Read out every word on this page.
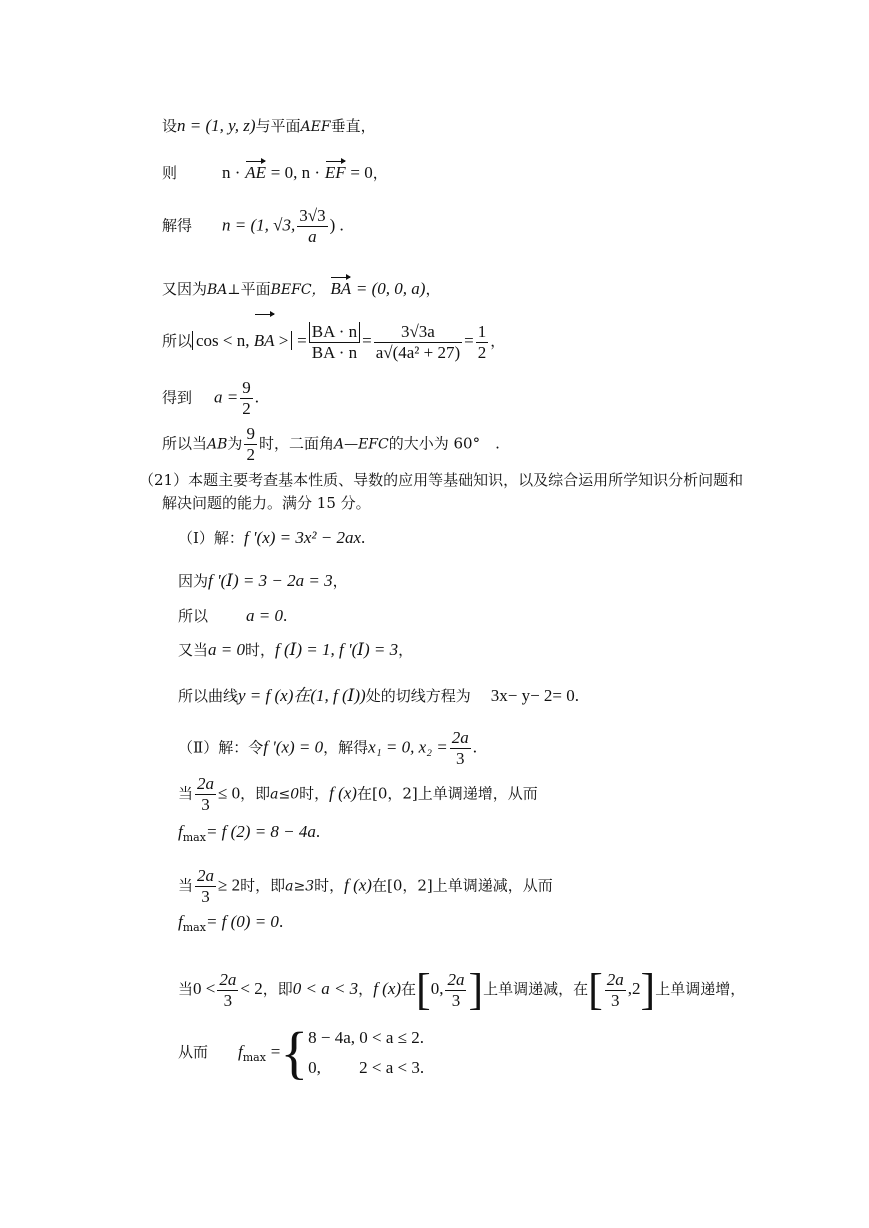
设n = (1, y, z)与平面AEF垂直，
则	n · AE = 0, n · EF = 0，
解得 n = (1, √3, $\frac{3√3}{a}$ ) .
又因为BA⊥平面BEFC， BA = (0, 0, a)，
所以 cos < n, BA > = $\frac{BA \cdot n}{BA \cdot n} = \frac{3√3a}{\text{a√(4a² + 27)}} = \frac{1}{2}$ ，
得到 $a = \frac{9}{2}$ .
所以当AB为 $\frac{9}{2}$ 时，二面角A—EFC的大小为 60°　.
（21）本题主要考查基本性质、导数的应用等基础知识，以及综合运用所学知识分析问题和
解决问题的能力。满分 15 分。
（Ⅰ）解：f '(x) = 3x² − 2ax.
因为f '(Ⅰ) = 3 − 2a = 3，
所以 a = 0.
又当a = 0时，f (Ⅰ) = 1, f '(Ⅰ) = 3，
所以曲线y = f (x)在(1, f (Ⅰ))处的切线方程为 3x− y− 2= 0.
（Ⅱ）解：令f '(x) = 0，解得x₁ = 0, $x_2 = \frac{2a}{3}$ .
当 $\frac{2a}{3} \le 0$，即a≤0时，f (x)在[0，2]上单调递增，从而
$f_{max}= f$ (2) = 8 − 4a.
当 $\frac{2a}{3} \ge 2$时，即a≥3时，f (x)在[0，2]上单调递减，从而
$f_{max}= f$ (0) = 0.
当$0 < \frac{2a}{3} < 2$，即0 < a < 3，f (x)在[0, $\frac{2a}{3}$ ]上单调递减，在[ $\frac{2a}{3} ,2$]上单调递增，
从而 $f_{max}$ ={ 8 − 4a, 0 < a ≤ 2.
0,　　 2 < a < 3.
